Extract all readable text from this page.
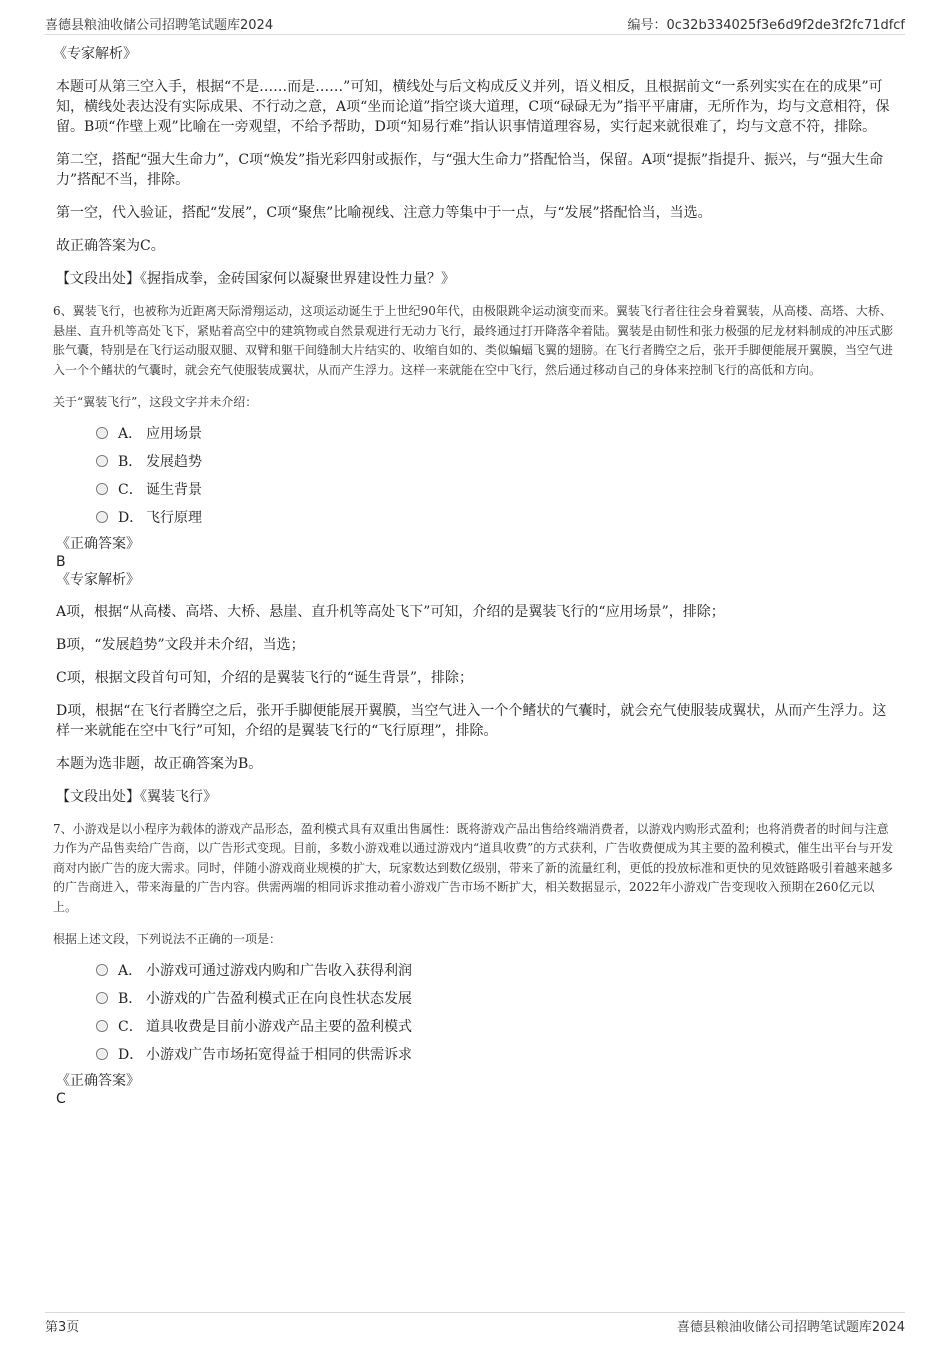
喜德县粮油收储公司招聘笔试题库2024	编号：0c32b334025f3e6d9f2de3f2fc71dfcf

《专家解析》

本题可从第三空入手，根据“不是……而是……”可知，横线处与后文构成反义并列，语义相反，且根据前文“一系列实实在在的成果”可知，横线处表达没有实际成果、不行动之意，A项“坐而论道”指空谈大道理，C项“碌碌无为”指平平庸庸，无所作为，均与文意相符，保留。B项“作壁上观”比喻在一旁观望，不给予帮助，D项“知易行难”指认识事情道理容易，实行起来就很难了，均与文意不符，排除。

第二空，搭配“强大生命力”，C项“焕发”指光彩四射或振作，与“强大生命力”搭配恰当，保留。A项“提振”指提升、振兴，与“强大生命力”搭配不当，排除。

第一空，代入验证，搭配“发展”，C项“聚焦”比喻视线、注意力等集中于一点，与“发展”搭配恰当，当选。

故正确答案为C。

【文段出处】《握指成拳，金砖国家何以凝聚世界建设性力量？》

6、翼装飞行，也被称为近距离天际滑翔运动，这项运动诞生于上世纪90年代，由极限跳伞运动演变而来。翼装飞行者往往会身着翼装，从高楼、高塔、大桥、悬崖、直升机等高处飞下，紧贴着高空中的建筑物或自然景观进行无动力飞行，最终通过打开降落伞着陆。翼装是由韧性和张力极强的尼龙材料制成的冲压式膨胀气囊，特别是在飞行运动服双腿、双臂和躯干间缝制大片结实的、收缩自如的、类似蝙蝠飞翼的翅膀。在飞行者腾空之后，张开手脚便能展开翼膜，当空气进入一个个鳍状的气囊时，就会充气使服装成翼状，从而产生浮力。这样一来就能在空中飞行，然后通过移动自己的身体来控制飞行的高低和方向。

关于“翼装飞行”，这段文字并未介绍：

A． 应用场景
B． 发展趋势
C． 诞生背景
D． 飞行原理

《正确答案》

B

《专家解析》

A项，根据“从高楼、高塔、大桥、悬崖、直升机等高处飞下”可知，介绍的是翼装飞行的“应用场景”，排除；

B项，“发展趋势”文段并未介绍，当选；

C项，根据文段首句可知，介绍的是翼装飞行的“诞生背景”，排除；

D项，根据“在飞行者腾空之后，张开手脚便能展开翼膜，当空气进入一个个鳍状的气囊时，就会充气使服装成翼状，从而产生浮力。这样一来就能在空中飞行”可知，介绍的是翼装飞行的“飞行原理”，排除。

本题为选非题，故正确答案为B。

【文段出处】《翼装飞行》

7、小游戏是以小程序为载体的游戏产品形态，盈利模式具有双重出售属性：既将游戏产品出售给终端消费者，以游戏内购形式盈利；也将消费者的时间与注意力作为产品售卖给广告商，以广告形式变现。目前，多数小游戏难以通过游戏内“道具收费”的方式获利，广告收费便成为其主要的盈利模式，催生出平台与开发商对内嵌广告的庞大需求。同时，伴随小游戏商业规模的扩大，玩家数达到数亿级别，带来了新的流量红利，更低的投放标准和更快的见效链路吸引着越来越多的广告商进入，带来海量的广告内容。供需两端的相同诉求推动着小游戏广告市场不断扩大，相关数据显示，2022年小游戏广告变现收入预期在260亿元以上。

根据上述文段，下列说法不正确的一项是：

A． 小游戏可通过游戏内购和广告收入获得利润
B． 小游戏的广告盈利模式正在向良性状态发展
C． 道具收费是目前小游戏产品主要的盈利模式
D． 小游戏广告市场拓宽得益于相同的供需诉求

《正确答案》

C

第3页	喜德县粮油收储公司招聘笔试题库2024
